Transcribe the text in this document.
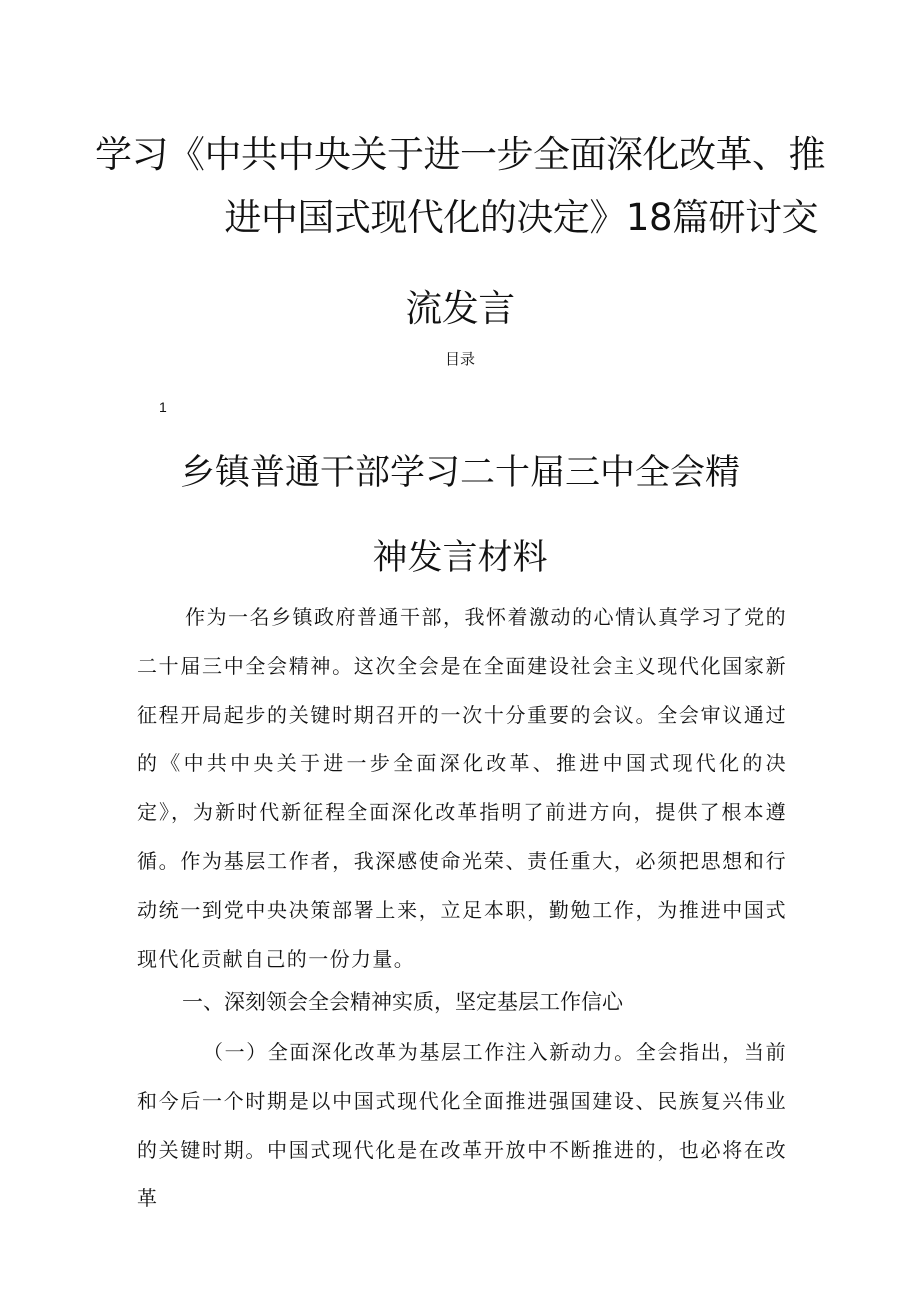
学习《中共中央关于进一步全面深化改革、推
进中国式现代化的决定》18篇研讨交
流发言
目录
1
乡镇普通干部学习二十届三中全会精
神发言材料

作为一名乡镇政府普通干部，我怀着激动的心情认真学习了党的二十届三中全会精神。这次全会是在全面建设社会主义现代化国家新征程开局起步的关键时期召开的一次十分重要的会议。全会审议通过的《中共中央关于进一步全面深化改革、推进中国式现代化的决定》，为新时代新征程全面深化改革指明了前进方向，提供了根本遵循。作为基层工作者，我深感使命光荣、责任重大，必须把思想和行动统一到党中央决策部署上来，立足本职，勤勉工作，为推进中国式现代化贡献自己的一份力量。

一、深刻领会全会精神实质，坚定基层工作信心

（一）全面深化改革为基层工作注入新动力。全会指出，当前和今后一个时期是以中国式现代化全面推进强国建设、民族复兴伟业的关键时期。中国式现代化是在改革开放中不断推进的，也必将在改革
